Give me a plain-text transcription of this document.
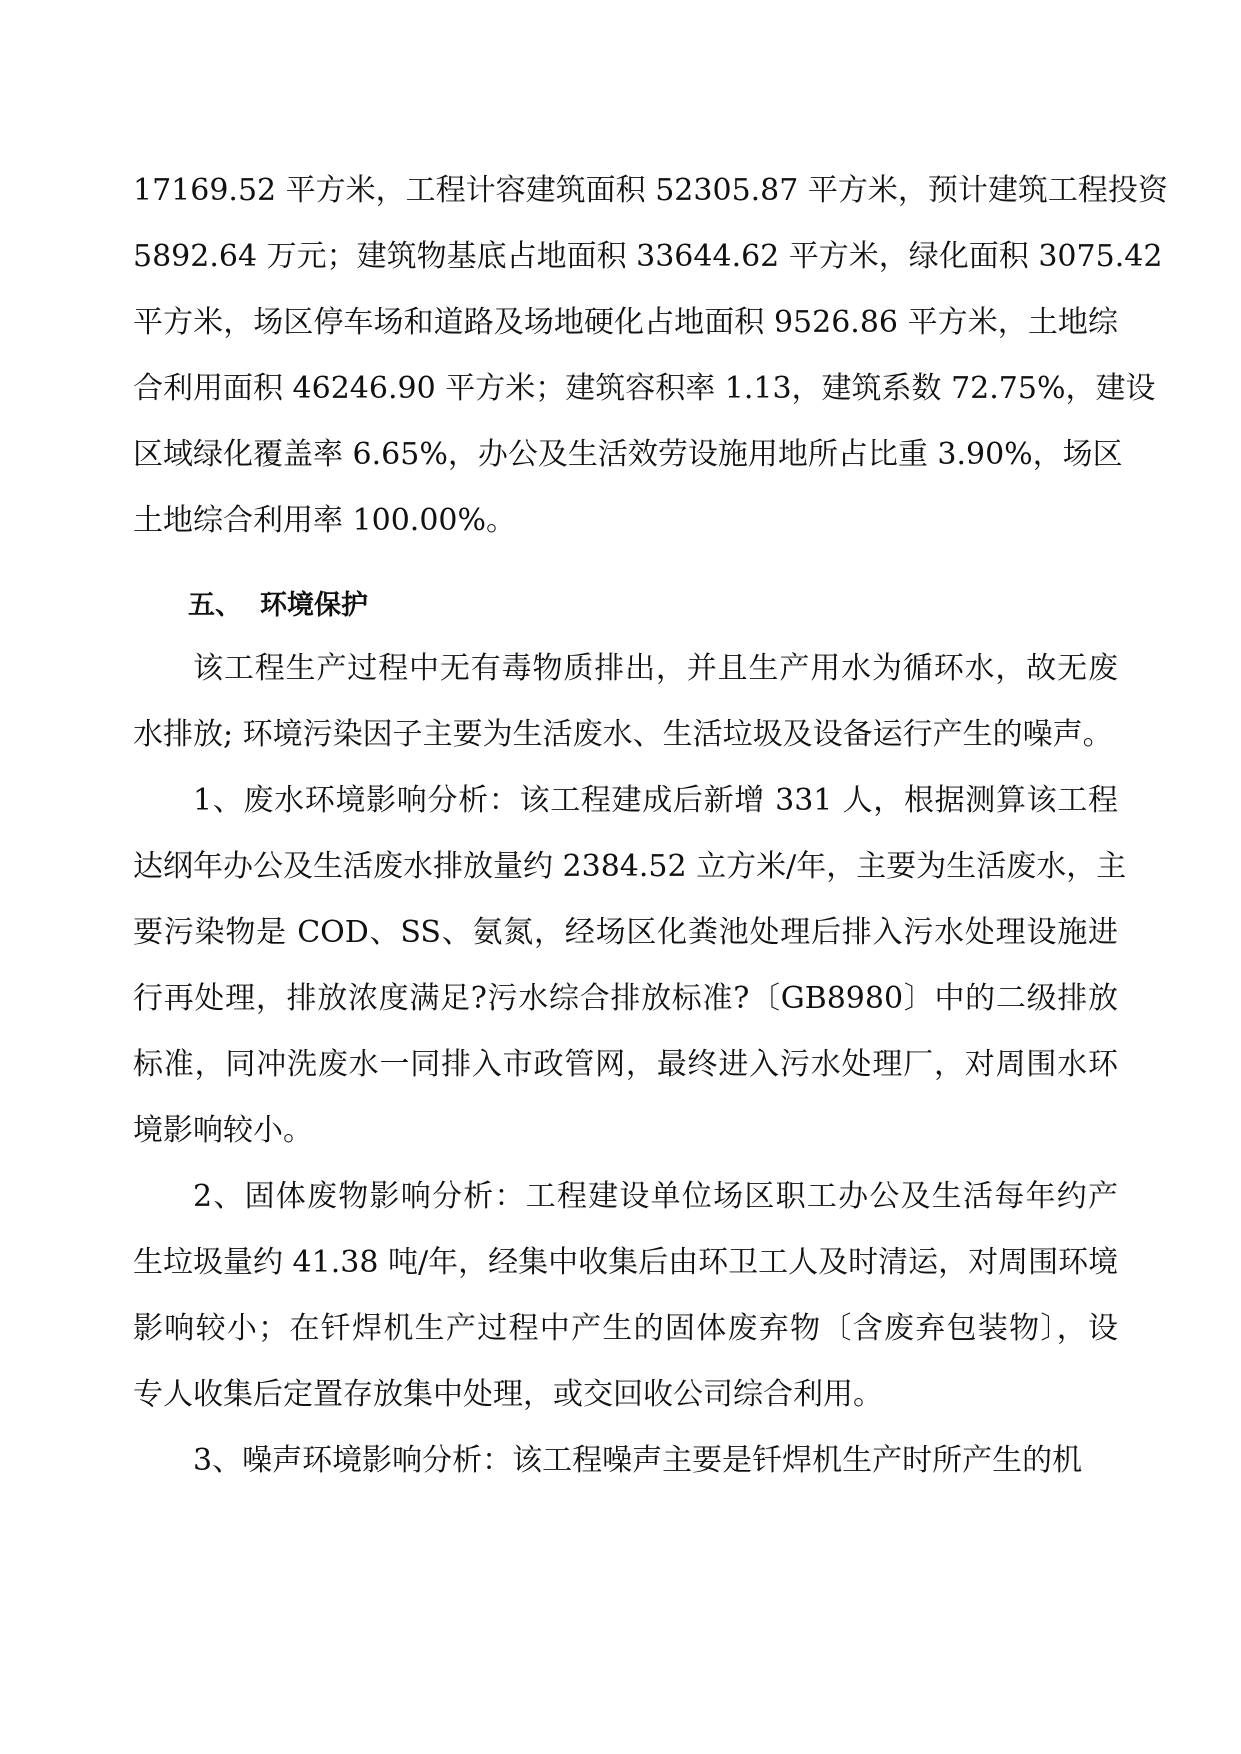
17169.52 平方米，工程计容建筑面积 52305.87 平方米，预计建筑工程投资
5892.64 万元；建筑物基底占地面积 33644.62 平方米，绿化面积 3075.42
平方米，场区停车场和道路及场地硬化占地面积 9526.86 平方米，土地综
合利用面积 46246.90 平方米；建筑容积率 1.13，建筑系数 72.75%，建设
区域绿化覆盖率 6.65%，办公及生活效劳设施用地所占比重 3.90%，场区
土地综合利用率 100.00%。
五、 环境保护
该工程生产过程中无有毒物质排出，并且生产用水为循环水，故无废
水排放; 环境污染因子主要为生活废水、生活垃圾及设备运行产生的噪声。
1、废水环境影响分析：该工程建成后新增 331 人，根据测算该工程
达纲年办公及生活废水排放量约 2384.52 立方米/年，主要为生活废水，主
要污染物是 COD、SS、氨氮，经场区化粪池处理后排入污水处理设施进
行再处理，排放浓度满足?污水综合排放标准?〔GB8980〕中的二级排放
标准，同冲洗废水一同排入市政管网，最终进入污水处理厂，对周围水环
境影响较小。
2、固体废物影响分析：工程建设单位场区职工办公及生活每年约产
生垃圾量约 41.38 吨/年，经集中收集后由环卫工人及时清运，对周围环境
影响较小；在钎焊机生产过程中产生的固体废弃物〔含废弃包装物〕，设
专人收集后定置存放集中处理，或交回收公司综合利用。
3、噪声环境影响分析：该工程噪声主要是钎焊机生产时所产生的机
